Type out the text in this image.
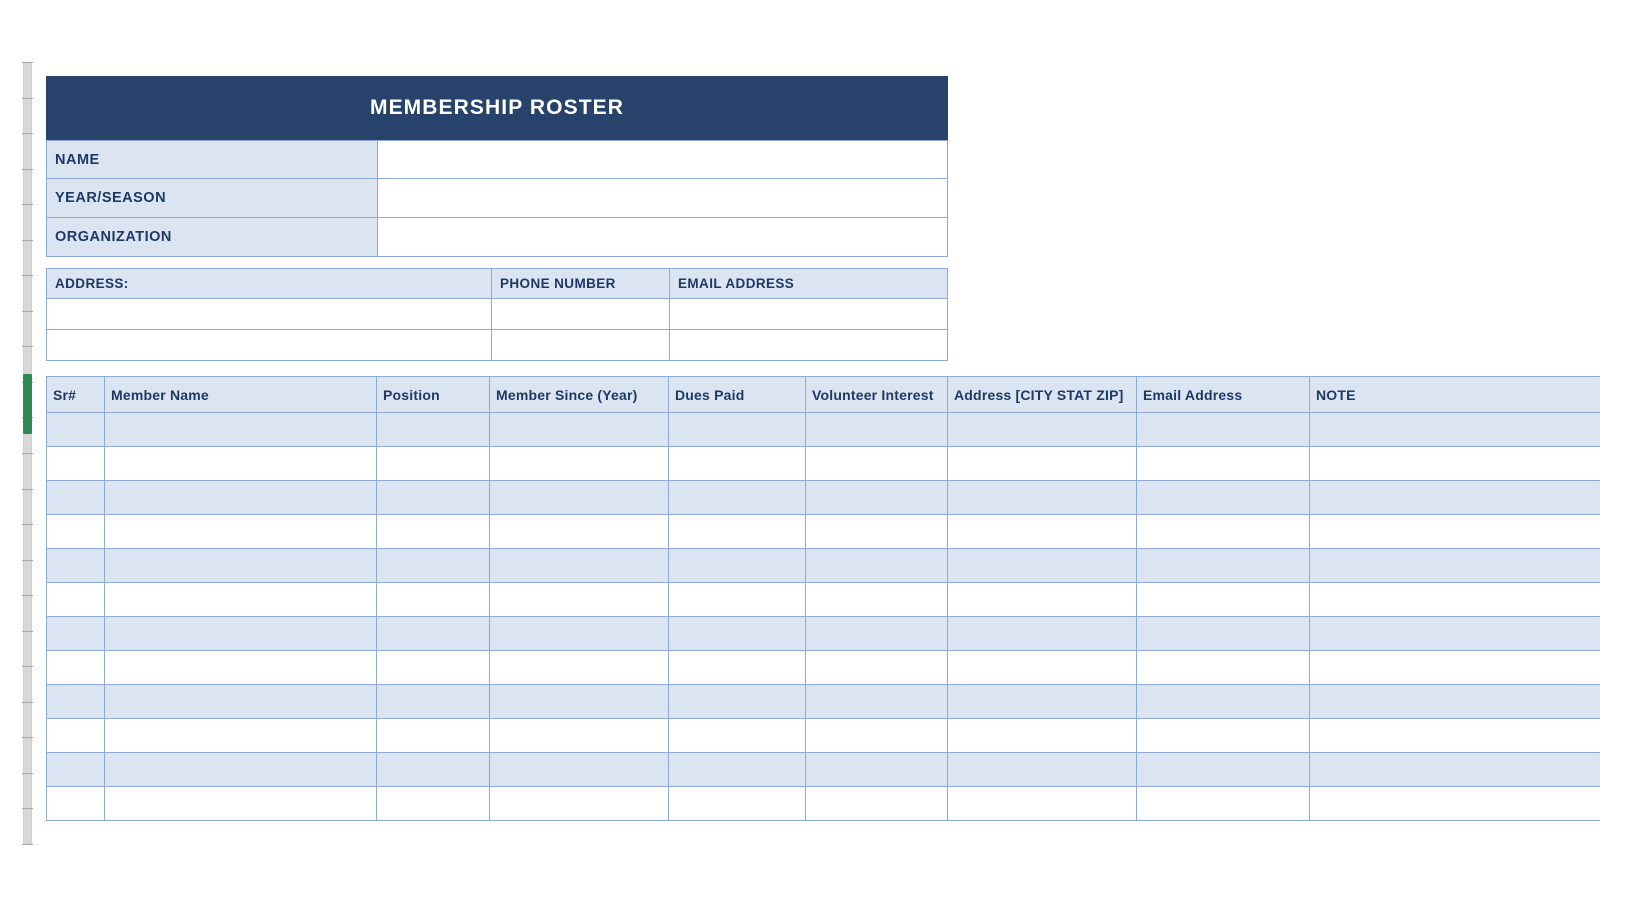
MEMBERSHIP ROSTER
NAME
YEAR/SEASON
ORGANIZATION
ADDRESS:	PHONE NUMBER	EMAIL ADDRESS
Sr#	Member Name	Position	Member Since (Year)	Dues Paid	Volunteer Interest	Address [CITY STAT ZIP]	Email Address	NOTE
